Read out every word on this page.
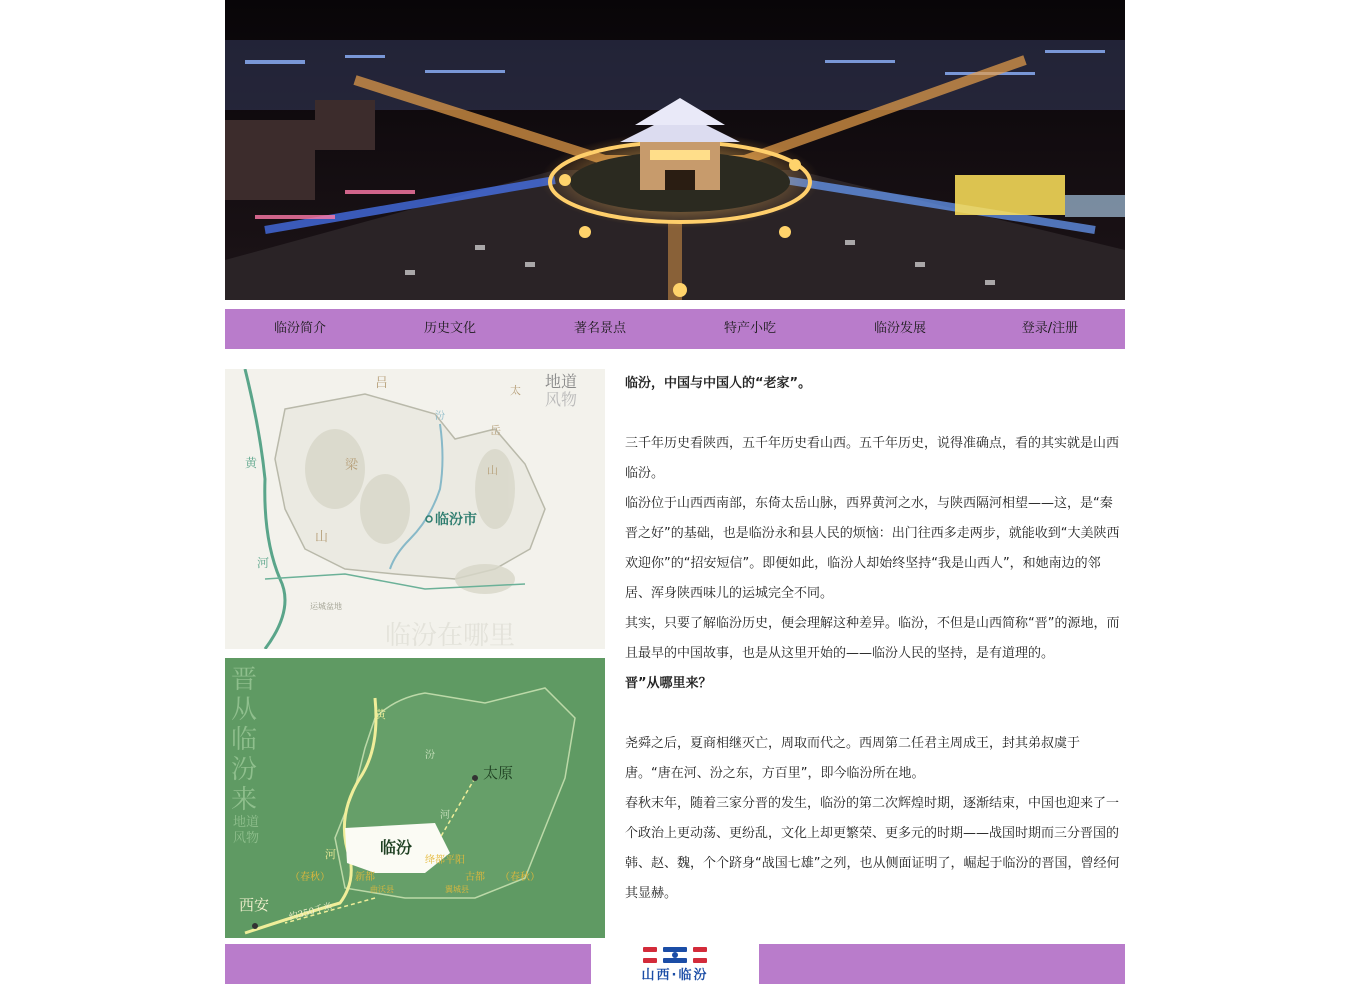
临汾简介	历史文化	著名景点	特产小吃	临汾发展	登录/注册
临汾市
吕
梁
山
太
岳
山
汾
黄
河
运城盆地
地道
风物
临汾在哪里
晋
从
临
汾
来
地道
风物
太原
临汾
西安
黄
河
汾
河
绛都平阳
（春秋）	（春秋）
新都	古都
曲沃县	翼城县
约350千米

临汾，中国与中国人的“老家”。

三千年历史看陕西，五千年历史看山西。五千年历史，说得准确点，看的其实就是山西临汾。

临汾位于山西西南部，东倚太岳山脉，西界黄河之水，与陕西隔河相望——这，是“秦晋之好”的基础，也是临汾永和县人民的烦恼：出门往西多走两步，就能收到“大美陕西欢迎你”的“招安短信”。即便如此，临汾人却始终坚持“我是山西人”，和她南边的邻居、浑身陕西味儿的运城完全不同。

其实，只要了解临汾历史，便会理解这种差异。临汾，不但是山西简称“晋”的源地，而且最早的中国故事，也是从这里开始的——临汾人民的坚持，是有道理的。

晋”从哪里来？

尧舜之后，夏商相继灭亡，周取而代之。西周第二任君主周成王，封其弟叔虞于唐。“唐在河、汾之东，方百里”，即今临汾所在地。

春秋末年，随着三家分晋的发生，临汾的第二次辉煌时期，逐渐结束，中国也迎来了一个政治上更动荡、更纷乱，文化上却更繁荣、更多元的时期——战国时期而三分晋国的韩、赵、魏，个个跻身“战国七雄”之列，也从侧面证明了，崛起于临汾的晋国，曾经何其显赫。

山西·临汾
